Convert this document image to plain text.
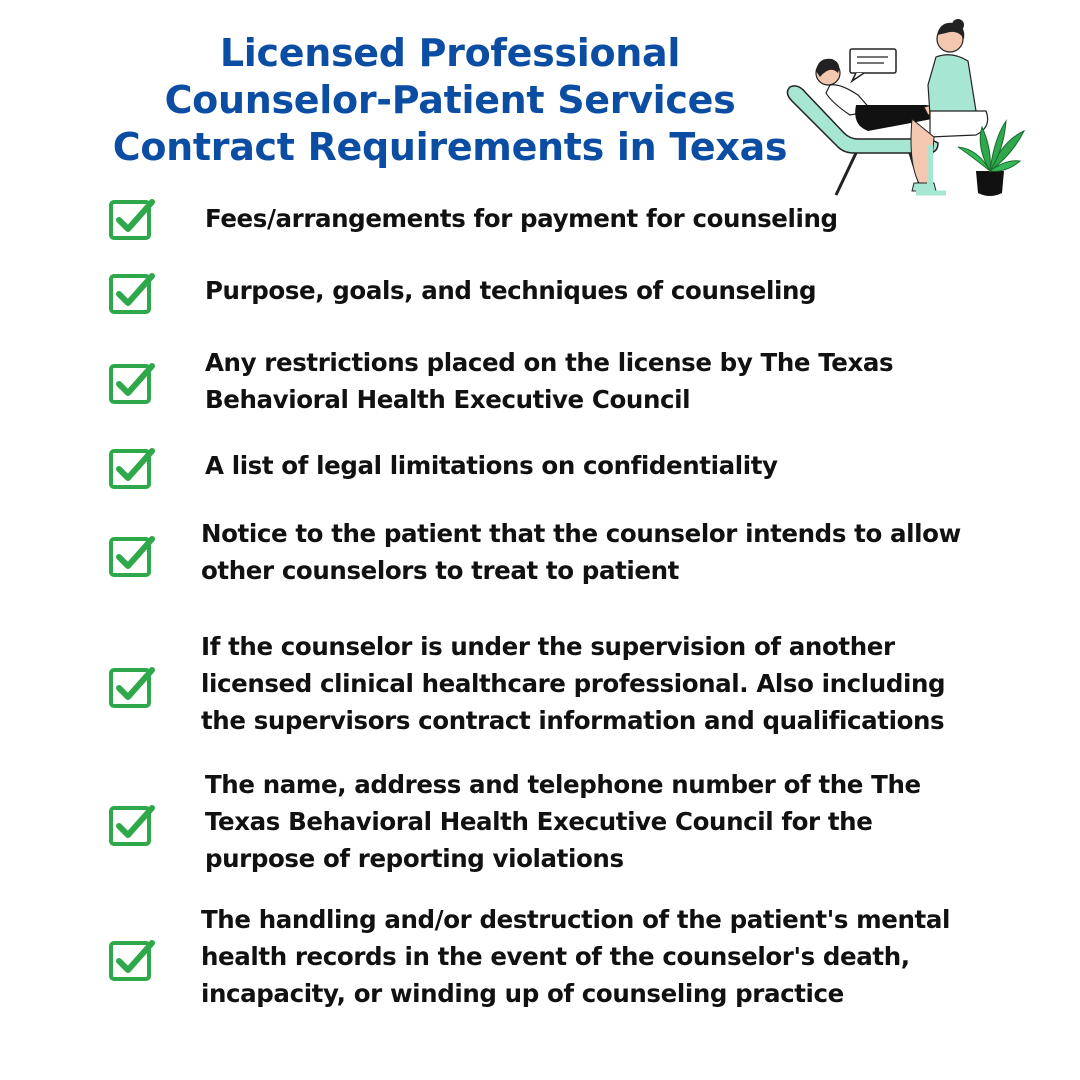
Licensed Professional
Counselor-Patient Services
Contract Requirements in Texas
Fees/arrangements for payment for counseling
Purpose, goals, and techniques of counseling
Any restrictions placed on the license by The Texas
Behavioral Health Executive Council
A list of legal limitations on confidentiality
Notice to the patient that the counselor intends to allow
other counselors to treat to patient
If the counselor is under the supervision of another
licensed clinical healthcare professional. Also including
the supervisors contract information and qualifications
The name, address and telephone number of the The
Texas Behavioral Health Executive Council for the
purpose of reporting violations
The handling and/or destruction of the patient's mental
health records in the event of the counselor's death,
incapacity, or winding up of counseling practice
